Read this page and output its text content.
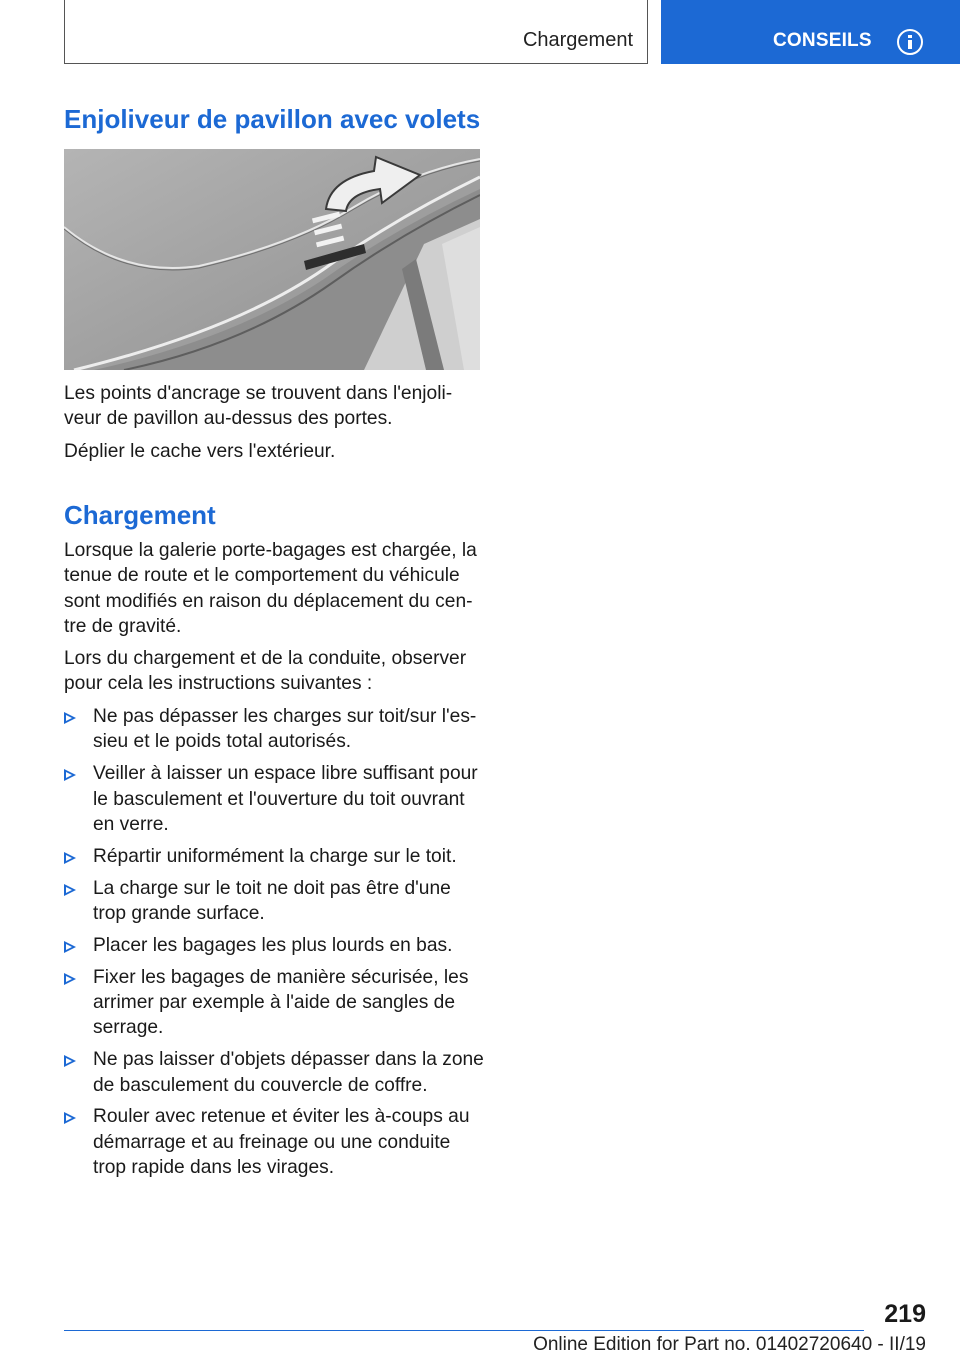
Chargement	CONSEILS
Enjoliveur de pavillon avec volets

Les points d'ancrage se trouvent dans l'enjoli‐veur de pavillon au-dessus des portes.

Déplier le cache vers l'extérieur.

Chargement

Lorsque la galerie porte-bagages est chargée, la tenue de route et le comportement du véhicule sont modifiés en raison du déplacement du cen‐tre de gravité.

Lors du chargement et de la conduite, observer pour cela les instructions suivantes :

Ne pas dépasser les charges sur toit/sur l'es‐sieu et le poids total autorisés.
Veiller à laisser un espace libre suffisant pour le basculement et l'ouverture du toit ouvrant en verre.
Répartir uniformément la charge sur le toit.
La charge sur le toit ne doit pas être d'une trop grande surface.
Placer les bagages les plus lourds en bas.
Fixer les bagages de manière sécurisée, les arrimer par exemple à l'aide de sangles de serrage.
Ne pas laisser d'objets dépasser dans la zone de basculement du couvercle de coffre.
Rouler avec retenue et éviter les à-coups au démarrage et au freinage ou une conduite trop rapide dans les virages.
219
Online Edition for Part no. 01402720640 - II/19
